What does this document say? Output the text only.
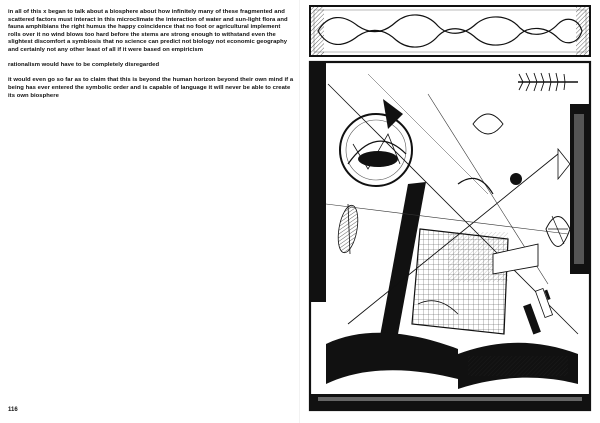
in all of this x began to talk about a biosphere about how infinitely many of these fragmented and scattered factors must interact in this microclimate the interaction of water and sun-light flora and fauna amphibians the right humus the happy coincidence that no foot or agricultural implement rolls over it no wind blows too hard before the stems are strong enough to withstand even the slightest discomfort a symbiosis that no science can predict not biology not economic geography and certainly not any other least of all if it were based on empiricism

rationalism would have to be completely disregarded

it would even go so far as to claim that this is beyond the human horizon beyond their own mind if a being has ever entered the symbolic order and is capable of language it will never be able to create its own biosphere

116
